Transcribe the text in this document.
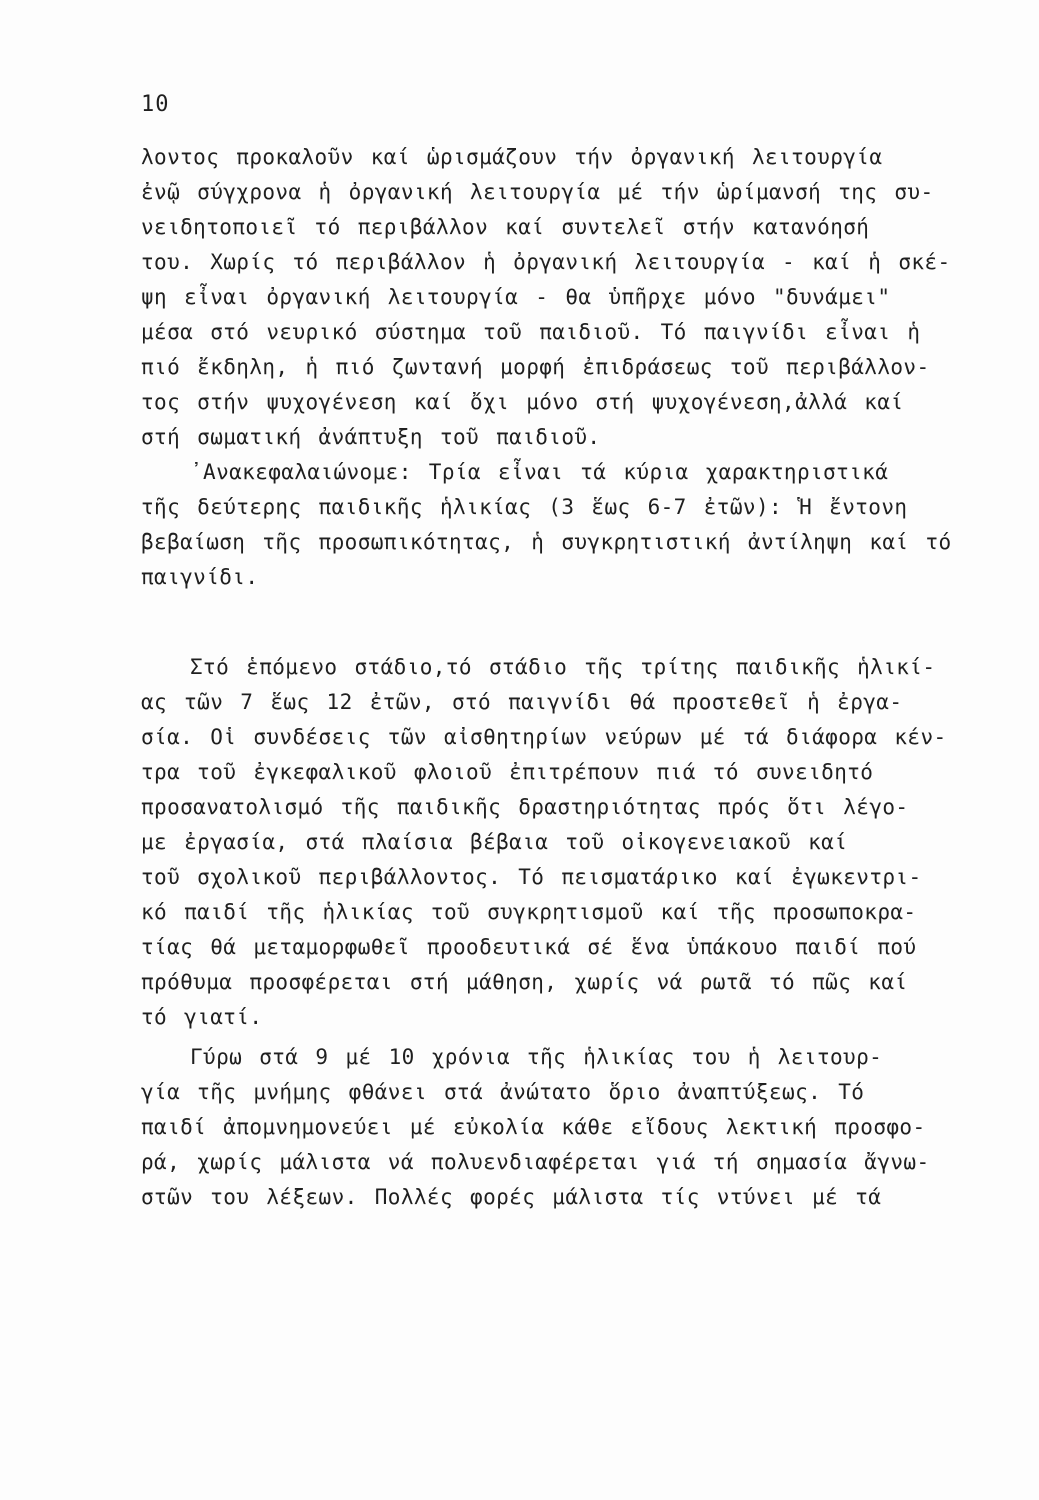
10
λοντος προκαλοῦν καί ὡρισμάζουν τήν ὀργανική λειτουργία
ἐνῷ σύγχρονα ἡ ὀργανική λειτουργία μέ τήν ὡρίμανσή της συ-
νειδητοποιεῖ τό περιβάλλον καί συντελεῖ στήν κατανόησή
του. Χωρίς τό περιβάλλον ἡ ὀργανική λειτουργία - καί ἡ σκέ-
ψη εἶναι ὀργανική λειτουργία - θα ὑπῆρχε μόνο "δυνάμει"
μέσα στό νευρικό σύστημα τοῦ παιδιοῦ. Τό παιγνίδι εἶναι ἡ
πιό ἔκδηλη, ἡ πιό ζωντανή μορφή ἐπιδράσεως τοῦ περιβάλλον-
τος στήν ψυχογένεση καί ὄχι μόνο στή ψυχογένεση,ἀλλά καί
στή σωματική ἀνάπτυξη τοῦ παιδιοῦ.
᾿Ανακεφαλαιώνομε: Τρία εἶναι τά κύρια χαρακτηριστικά
τῆς δεύτερης παιδικῆς ἡλικίας (3 ἕως 6-7 ἐτῶν): Ἡ ἔντονη
βεβαίωση τῆς προσωπικότητας, ἡ συγκρητιστική ἀντίληψη καί τό
παιγνίδι.
Στό ἑπόμενο στάδιο,τό στάδιο τῆς τρίτης παιδικῆς ἡλικί-
ας τῶν 7 ἕως 12 ἐτῶν, στό παιγνίδι θά προστεθεῖ ἡ ἐργα-
σία. Οἱ συνδέσεις τῶν αἰσθητηρίων νεύρων μέ τά διάφορα κέν-
τρα τοῦ ἐγκεφαλικοῦ φλοιοῦ ἐπιτρέπουν πιά τό συνειδητό
προσανατολισμό τῆς παιδικῆς δραστηριότητας πρός ὅτι λέγο-
με ἐργασία, στά πλαίσια βέβαια τοῦ οἰκογενειακοῦ καί
τοῦ σχολικοῦ περιβάλλοντος. Τό πεισματάρικο καί ἐγωκεντρι-
κό παιδί τῆς ἡλικίας τοῦ συγκρητισμοῦ καί τῆς προσωποκρα-
τίας θά μεταμορφωθεῖ προοδευτικά σέ ἕνα ὑπάκουο παιδί πού
πρόθυμα προσφέρεται στή μάθηση, χωρίς νά ρωτᾶ τό πῶς καί
τό γιατί.
Γύρω στά 9 μέ 10 χρόνια τῆς ἡλικίας του ἡ λειτουρ-
γία τῆς μνήμης φθάνει στά ἀνώτατο ὅριο ἀναπτύξεως. Τό
παιδί ἀπομνημονεύει μέ εὐκολία κάθε εἴδους λεκτική προσφο-
ρά, χωρίς μάλιστα νά πολυενδιαφέρεται γιά τή σημασία ἄγνω-
στῶν του λέξεων. Πολλές φορές μάλιστα τίς ντύνει μέ τά
